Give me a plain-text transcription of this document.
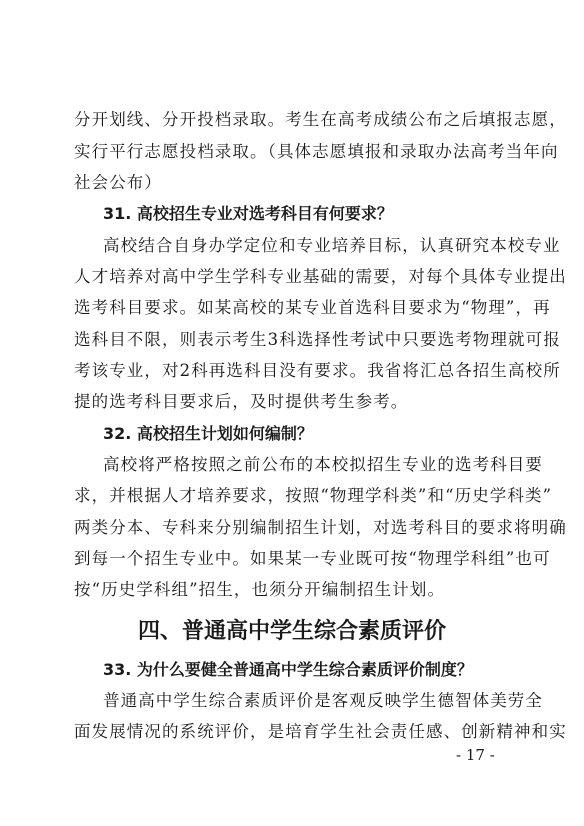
分开划线、分开投档录取。考生在高考成绩公布之后填报志愿，
实行平行志愿投档录取。（具体志愿填报和录取办法高考当年向
社会公布）
31. 高校招生专业对选考科目有何要求？
高校结合自身办学定位和专业培养目标，认真研究本校专业
人才培养对高中学生学科专业基础的需要，对每个具体专业提出
选考科目要求。如某高校的某专业首选科目要求为“物理”，再
选科目不限，则表示考生3科选择性考试中只要选考物理就可报
考该专业，对2科再选科目没有要求。我省将汇总各招生高校所
提的选考科目要求后，及时提供考生参考。
32. 高校招生计划如何编制？
高校将严格按照之前公布的本校拟招生专业的选考科目要
求，并根据人才培养要求，按照“物理学科类”和“历史学科类”
两类分本、专科来分别编制招生计划，对选考科目的要求将明确
到每一个招生专业中。如果某一专业既可按“物理学科组”也可
按“历史学科组”招生，也须分开编制招生计划。
四、普通高中学生综合素质评价
33. 为什么要健全普通高中学生综合素质评价制度？
普通高中学生综合素质评价是客观反映学生德智体美劳全
面发展情况的系统评价，是培育学生社会责任感、创新精神和实
- 17 -
